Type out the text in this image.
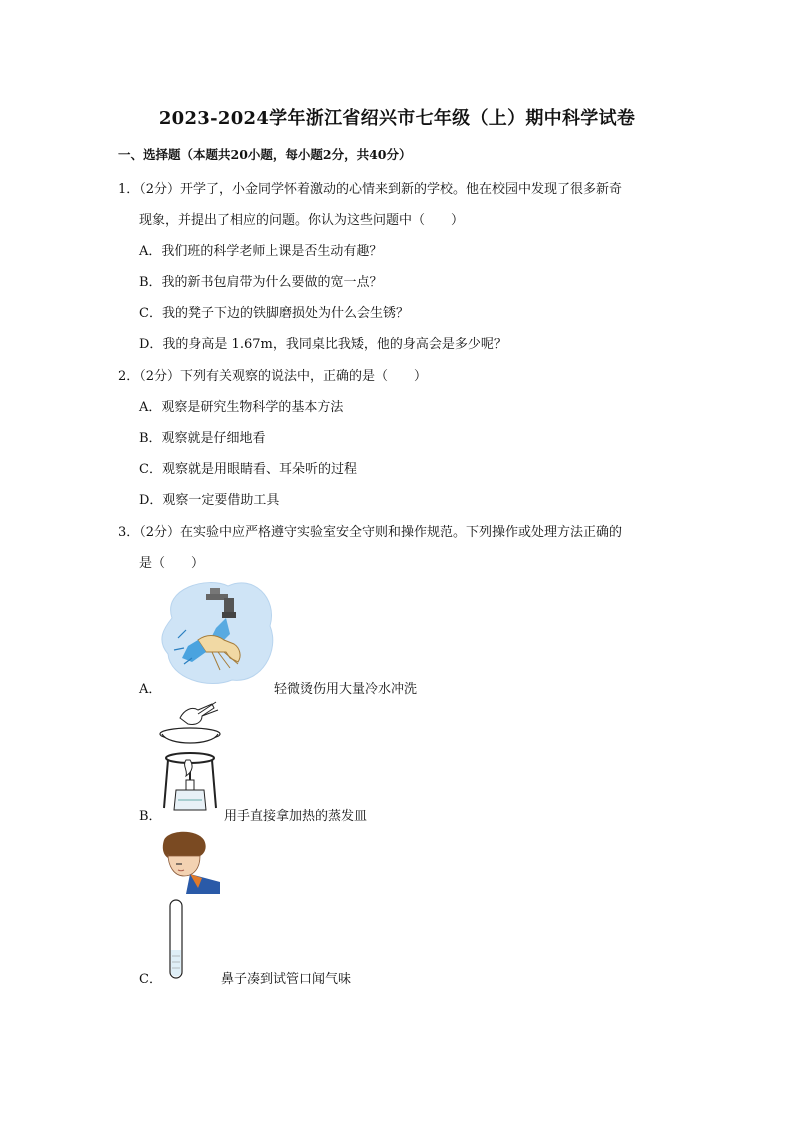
2023-2024学年浙江省绍兴市七年级（上）期中科学试卷
一、选择题（本题共20小题，每小题2分，共40分）
1．（2分）开学了，小金同学怀着激动的心情来到新的学校。他在校园中发现了很多新奇
现象，并提出了相应的问题。你认为这些问题中（　　）
A．我们班的科学老师上课是否生动有趣？
B．我的新书包肩带为什么要做的宽一点？
C．我的凳子下边的铁脚磨损处为什么会生锈？
D．我的身高是 1.67m，我同桌比我矮，他的身高会是多少呢？
2．（2分）下列有关观察的说法中，正确的是（　　）
A．观察是研究生物科学的基本方法
B．观察就是仔细地看
C．观察就是用眼睛看、耳朵听的过程
D．观察一定要借助工具
3．（2分）在实验中应严格遵守实验室安全守则和操作规范。下列操作或处理方法正确的
是（　　）
A．	轻微烫伤用大量冷水冲洗
B．	用手直接拿加热的蒸发皿
C．	鼻子凑到试管口闻气味
